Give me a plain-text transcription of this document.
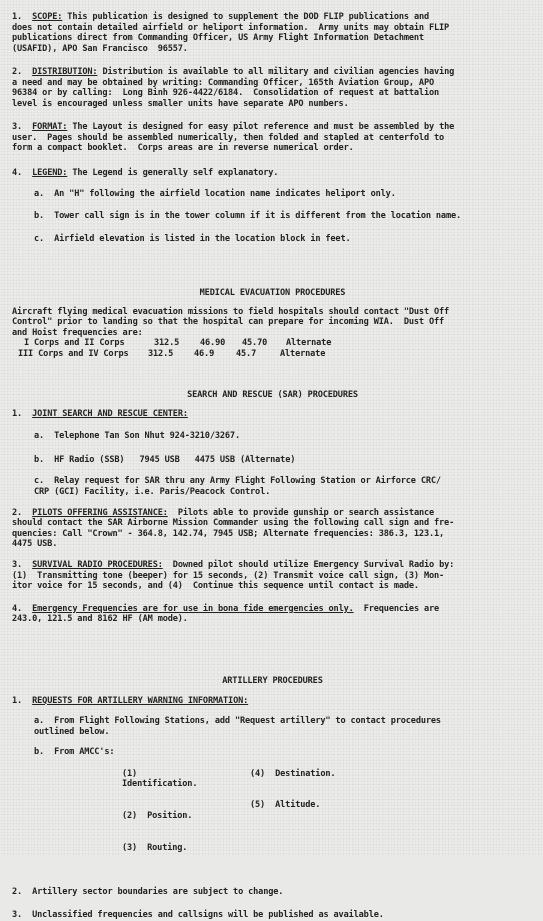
1. SCOPE: This publication is designed to supplement the DOD FLIP publications and
does not contain detailed airfield or heliport information.  Army units may obtain FLIP
publications direct from Commanding Officer, US Army Flight Information Detachment
(USAFID), APO San Francisco  96557.

2. DISTRIBUTION: Distribution is available to all military and civilian agencies having
a need and may be obtained by writing: Commanding Officer, 165th Aviation Group, APO
96384 or by calling:  Long Binh 926-4422/6184.  Consolidation of request at battalion
level is encouraged unless smaller units have separate APO numbers.

3. FORMAT: The Layout is designed for easy pilot reference and must be assembled by the
user.  Pages should be assembled numerically, then folded and stapled at centerfold to
form a compact booklet.  Corps areas are in reverse numerical order.

4. LEGEND: The Legend is generally self explanatory.

a.  An "H" following the airfield location name indicates heliport only.

b.  Tower call sign is in the tower column if it is different from the location name.

c.  Airfield elevation is listed in the location block in feet.

MEDICAL EVACUATION PROCEDURES

Aircraft flying medical evacuation missions to field hospitals should contact "Dust Off
Control" prior to landing so that the hospital can prepare for incoming WIA.  Dust Off
and Hoist frequencies are:

I Corps and II Corps	312.5	46.90	45.70	Alternate
III Corps and IV Corps	312.5	46.9	45.7	Alternate

SEARCH AND RESCUE (SAR) PROCEDURES

1. JOINT SEARCH AND RESCUE CENTER:

a.  Telephone Tan Son Nhut 924-3210/3267.

b.  HF Radio (SSB)   7945 USB   4475 USB (Alternate)

c.  Relay request for SAR thru any Army Flight Following Station or Airforce CRC/
CRP (GCI) Facility, i.e. Paris/Peacock Control.

2. PILOTS OFFERING ASSISTANCE:  Pilots able to provide gunship or search assistance
should contact the SAR Airborne Mission Commander using the following call sign and fre-
quencies: Call "Crown" - 364.8, 142.74, 7945 USB; Alternate frequencies: 386.3, 123.1,
4475 USB.

3. SURVIVAL RADIO PROCEDURES:  Downed pilot should utilize Emergency Survival Radio by:
(1)  Transmitting tone (beeper) for 15 seconds, (2) Transmit voice call sign, (3) Mon-
itor voice for 15 seconds, and (4)  Continue this sequence until contact is made.

4. Emergency Frequencies are for use in bona fide emergencies only.  Frequencies are
243.0, 121.5 and 8162 HF (AM mode).

ARTILLERY PROCEDURES

1. REQUESTS FOR ARTILLERY WARNING INFORMATION:

a.  From Flight Following Stations, add "Request artillery" to contact procedures
outlined below.

b.  From AMCC's:

(1)  Identification.

(2)  Position.

(3)  Routing.

(4)  Destination.

(5)  Altitude.

2.  Artillery sector boundaries are subject to change.

3.  Unclassified frequencies and callsigns will be published as available.
